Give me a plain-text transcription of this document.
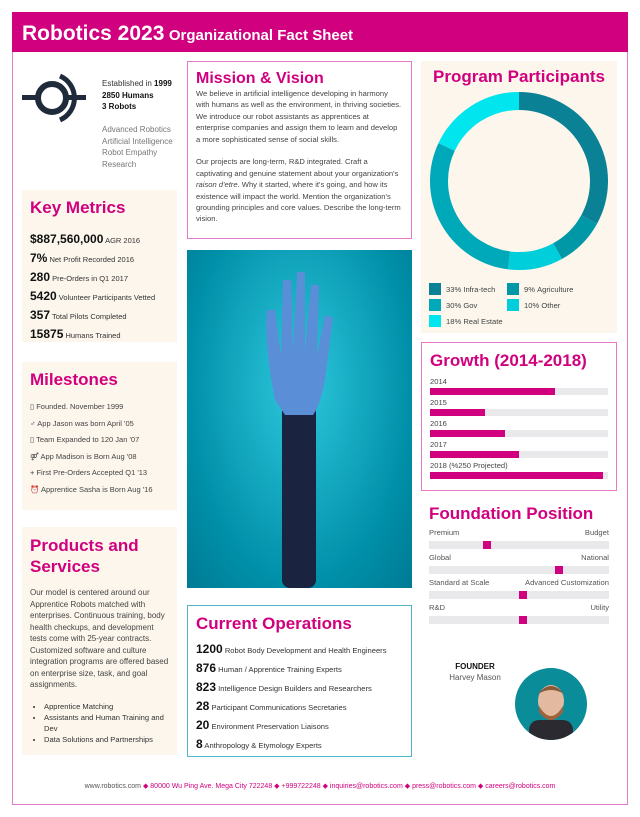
Robotics 2023 Organizational Fact Sheet
Established in 1999
2850 Humans
3 Robots
Advanced Robotics
Artificial Intelligence
Robot Empathy
Research
Key Metrics
$887,560,000 AGR 2016
7% Net Profit Recorded 2016
280 Pre-Orders in Q1 2017
5420 Volunteer Participants Vetted
357 Total Pilots Completed
15875 Humans Trained
Milestones
▯ Founded. November 1999
♂ App Jason was born April '05
▯ Team Expanded to 120 Jan '07
⚤ App Madison is Born Aug '08
+ First Pre-Orders Accepted Q1 '13
⏰ Apprentice Sasha is Born Aug '16
Products and Services

Our model is centered around our Apprentice Robots matched with enterprises. Continuous training, body health checkups, and development tests come with 25-year contracts. Customized software and culture integration programs are offered based on enterprise size, task, and goal assignments.

• Apprentice Matching
• Assistants and Human Training and Dev
• Data Solutions and Partnerships
Mission & Vision

We believe in artificial intelligence developing in harmony with humans as well as the environment, in thriving societies. We introduce our robot assistants as apprentices at enterprise companies and assign them to learn and develop a more sophisticated sense of social skills.

Our projects are long-term, R&D integrated. Craft a captivating and genuine statement about your organization's raison d'etre. Why it started, where it's going, and how its existence will impact the world. Mention the organization's grounding principles and core values. Describe the long-term vision.

Current Operations
1200 Robot Body Development and Health Engineers
876 Human / Apprentice Training Experts
823 Intelligence Design Builders and Researchers
28 Participant Communications Secretaries
20 Environment Preservation Liaisons
8 Anthropology & Etymology Experts
Program Participants
33%
Infra-tech	9%
Agriculture
30%
Gov	10%
Other
18%
Real Estate
Growth (2014-2018)
2014
2015
2016
2017
2018 (%250 Projected)
Foundation Position
Premium	Budget
Global	National
Standard at Scale	Advanced Customization
R&D	Utility
FOUNDER
Harvey Mason
www.robotics.com ◆ 80000 Wu Ping Ave. Mega City 722248 ◆ +999722248 ◆ inquiries@robotics.com ◆ press@robotics.com ◆ careers@robotics.com
